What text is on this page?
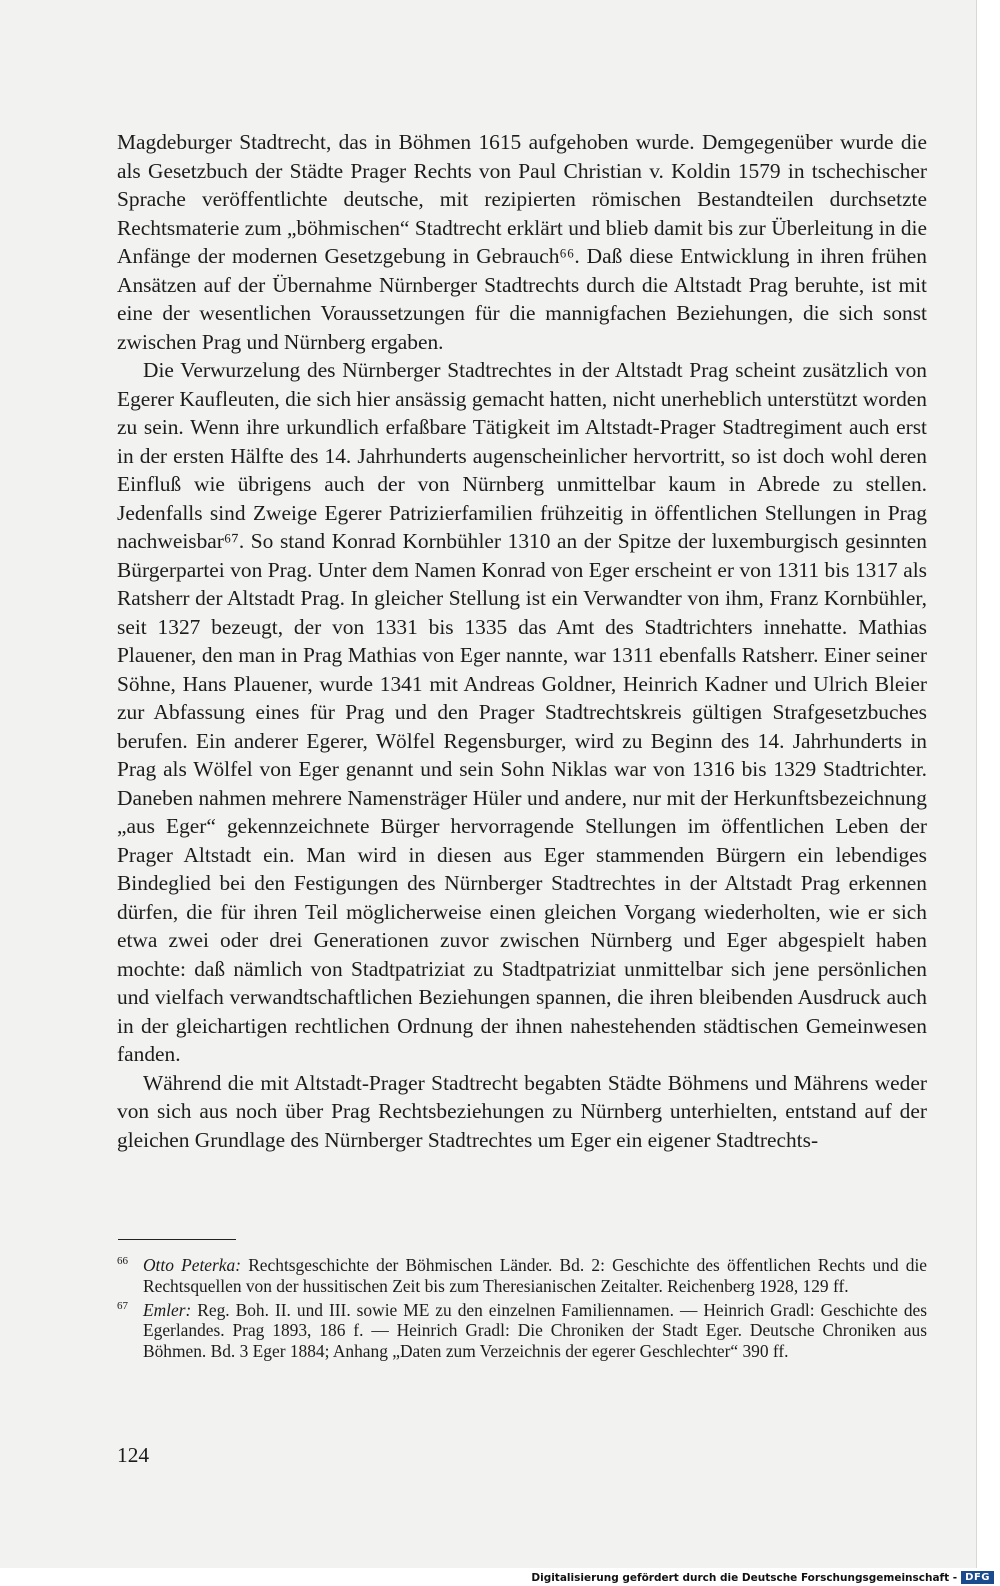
Magdeburger Stadtrecht, das in Böhmen 1615 aufgehoben wurde. Demgegenüber wurde die als Gesetzbuch der Städte Prager Rechts von Paul Christian v. Koldin 1579 in tschechischer Sprache veröffentlichte deutsche, mit rezipierten römischen Bestandteilen durchsetzte Rechtsmaterie zum „böhmischen“ Stadtrecht erklärt und blieb damit bis zur Überleitung in die Anfänge der modernen Gesetzgebung in Gebrauch⁶⁶. Daß diese Entwicklung in ihren frühen Ansätzen auf der Übernahme Nürnberger Stadtrechts durch die Altstadt Prag beruhte, ist mit eine der wesentlichen Voraussetzungen für die mannigfachen Beziehungen, die sich sonst zwischen Prag und Nürnberg ergaben.

Die Verwurzelung des Nürnberger Stadtrechtes in der Altstadt Prag scheint zusätzlich von Egerer Kaufleuten, die sich hier ansässig gemacht hatten, nicht unerheblich unterstützt worden zu sein. Wenn ihre urkundlich erfaßbare Tätigkeit im Altstadt-Prager Stadtregiment auch erst in der ersten Hälfte des 14. Jahrhunderts augenscheinlicher hervortritt, so ist doch wohl deren Einfluß wie übrigens auch der von Nürnberg unmittelbar kaum in Abrede zu stellen. Jedenfalls sind Zweige Egerer Patrizierfamilien frühzeitig in öffentlichen Stellungen in Prag nachweisbar⁶⁷. So stand Konrad Kornbühler 1310 an der Spitze der luxemburgisch gesinnten Bürgerpartei von Prag. Unter dem Namen Konrad von Eger erscheint er von 1311 bis 1317 als Ratsherr der Altstadt Prag. In gleicher Stellung ist ein Verwandter von ihm, Franz Kornbühler, seit 1327 bezeugt, der von 1331 bis 1335 das Amt des Stadtrichters innehatte. Mathias Plauener, den man in Prag Mathias von Eger nannte, war 1311 ebenfalls Ratsherr. Einer seiner Söhne, Hans Plauener, wurde 1341 mit Andreas Goldner, Heinrich Kadner und Ulrich Bleier zur Abfassung eines für Prag und den Prager Stadtrechtskreis gültigen Strafgesetzbuches berufen. Ein anderer Egerer, Wölfel Regensburger, wird zu Beginn des 14. Jahrhunderts in Prag als Wölfel von Eger genannt und sein Sohn Niklas war von 1316 bis 1329 Stadtrichter. Daneben nahmen mehrere Namensträger Hüler und andere, nur mit der Herkunftsbezeichnung „aus Eger“ gekennzeichnete Bürger hervorragende Stellungen im öffentlichen Leben der Prager Altstadt ein. Man wird in diesen aus Eger stammenden Bürgern ein lebendiges Bindeglied bei den Festigungen des Nürnberger Stadtrechtes in der Altstadt Prag erkennen dürfen, die für ihren Teil möglicherweise einen gleichen Vorgang wiederholten, wie er sich etwa zwei oder drei Generationen zuvor zwischen Nürnberg und Eger abgespielt haben mochte: daß nämlich von Stadtpatriziat zu Stadtpatriziat unmittelbar sich jene persönlichen und vielfach verwandtschaftlichen Beziehungen spannen, die ihren bleibenden Ausdruck auch in der gleichartigen rechtlichen Ordnung der ihnen nahestehenden städtischen Gemeinwesen fanden.

Während die mit Altstadt-Prager Stadtrecht begabten Städte Böhmens und Mährens weder von sich aus noch über Prag Rechtsbeziehungen zu Nürnberg unterhielten, entstand auf der gleichen Grundlage des Nürnberger Stadtrechtes um Eger ein eigener Stadtrechts-

66 Otto Peterka: Rechtsgeschichte der Böhmischen Länder. Bd. 2: Geschichte des öffentlichen Rechts und die Rechtsquellen von der hussitischen Zeit bis zum Theresianischen Zeitalter. Reichenberg 1928, 129 ff.
67 Emler: Reg. Boh. II. und III. sowie ME zu den einzelnen Familiennamen. — Heinrich Gradl: Geschichte des Egerlandes. Prag 1893, 186 f. — Heinrich Gradl: Die Chroniken der Stadt Eger. Deutsche Chroniken aus Böhmen. Bd. 3 Eger 1884; Anhang „Daten zum Verzeichnis der egerer Geschlechter“ 390 ff.
124
Digitalisierung gefördert durch die Deutsche Forschungsgemeinschaft - DFG
